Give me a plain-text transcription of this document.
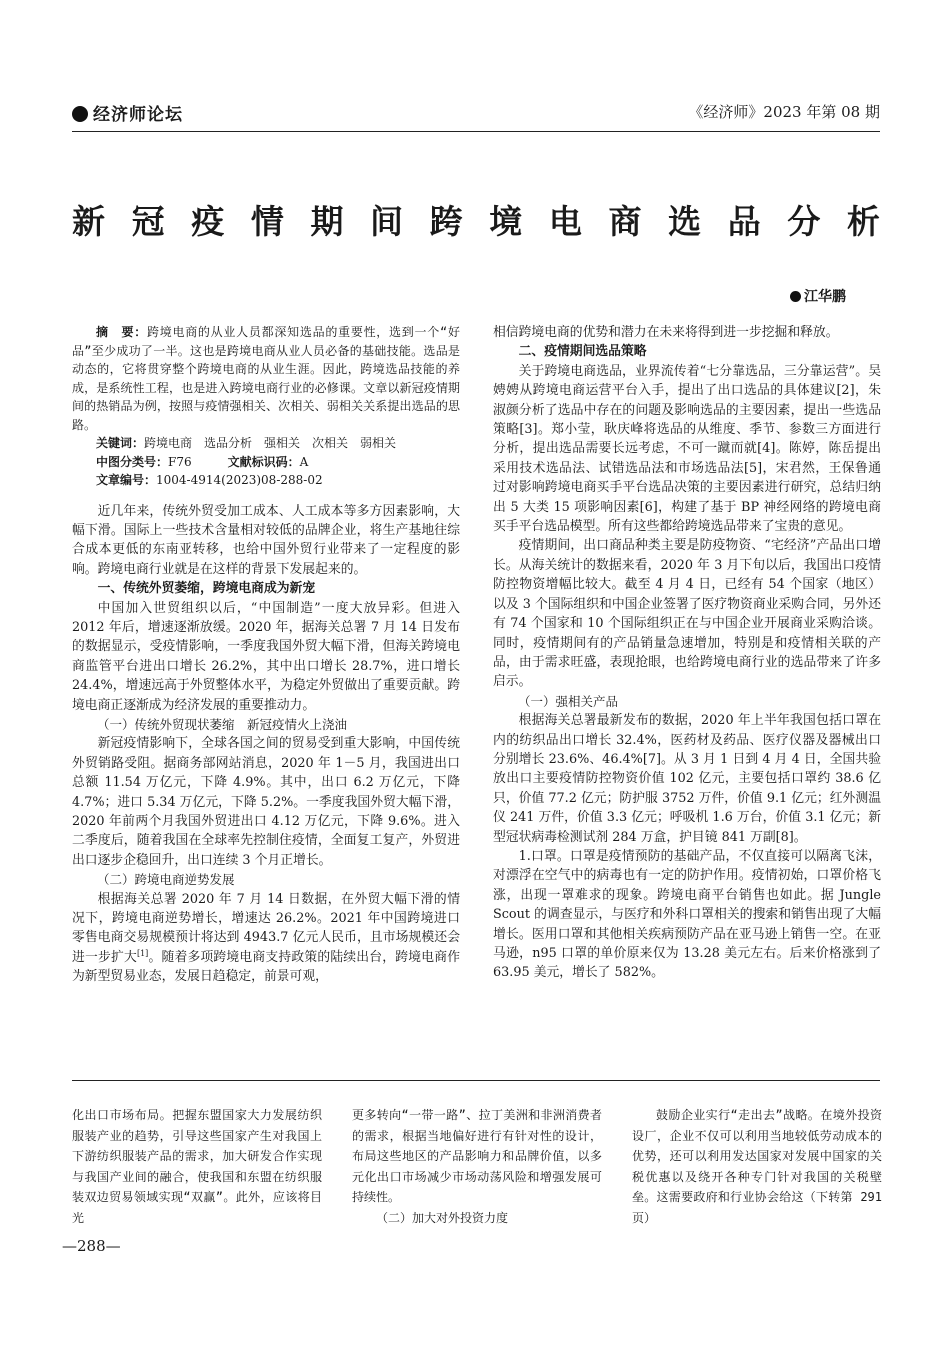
经济师论坛	《经济师》2023 年第 08 期
新 冠 疫 情 期 间 跨 境 电 商 选 品 分 析
江华鹏

摘　要：跨境电商的从业人员都深知选品的重要性，选到一个“好品”至少成功了一半。这也是跨境电商从业人员必备的基础技能。选品是动态的，它将贯穿整个跨境电商的从业生涯。因此，跨境选品技能的养成，是系统性工程，也是进入跨境电商行业的必修课。文章以新冠疫情期间的热销品为例，按照与疫情强相关、次相关、弱相关关系提出选品的思路。

关键词：跨境电商　选品分析　强相关　次相关　弱相关

中图分类号：F76　　　	文献标识码：A

文章编号：1004-4914(2023)08-288-02

近几年来，传统外贸受加工成本、人工成本等多方因素影响，大幅下滑。国际上一些技术含量相对较低的品牌企业，将生产基地往综合成本更低的东南亚转移，也给中国外贸行业带来了一定程度的影响。跨境电商行业就是在这样的背景下发展起来的。

一、传统外贸萎缩，跨境电商成为新宠

中国加入世贸组织以后，“中国制造”一度大放异彩。但进入 2012 年后，增速逐渐放缓。2020 年，据海关总署 7 月 14 日发布的数据显示，受疫情影响，一季度我国外贸大幅下滑，但海关跨境电商监管平台进出口增长 26.2%，其中出口增长 28.7%，进口增长 24.4%，增速远高于外贸整体水平，为稳定外贸做出了重要贡献。跨境电商正逐渐成为经济发展的重要推动力。

（一）传统外贸现状萎缩　新冠疫情火上浇油

新冠疫情影响下，全球各国之间的贸易受到重大影响，中国传统外贸销路受阻。据商务部网站消息，2020 年 1－5 月，我国进出口总额 11.54 万亿元，下降 4.9%。其中，出口 6.2 万亿元，下降 4.7%；进口 5.34 万亿元，下降 5.2%。一季度我国外贸大幅下滑，2020 年前两个月我国外贸进出口 4.12 万亿元，下降 9.6%。进入二季度后，随着我国在全球率先控制住疫情，全面复工复产，外贸进出口逐步企稳回升，出口连续 3 个月正增长。

（二）跨境电商逆势发展

根据海关总署 2020 年 7 月 14 日数据，在外贸大幅下滑的情况下，跨境电商逆势增长，增速达 26.2%。2021 年中国跨境进口零售电商交易规模预计将达到 4943.7 亿元人民币，且市场规模还会进一步扩大[1]。随着多项跨境电商支持政策的陆续出台，跨境电商作为新型贸易业态，发展日趋稳定，前景可观，

相信跨境电商的优势和潜力在未来将得到进一步挖掘和释放。

二、疫情期间选品策略

关于跨境电商选品，业界流传着“七分靠选品，三分靠运营”。吴娉娉从跨境电商运营平台入手，提出了出口选品的具体建议[2]，朱淑颜分析了选品中存在的问题及影响选品的主要因素，提出一些选品策略[3]。郑小莹，耿庆峰将选品的从维度、季节、参数三方面进行分析，提出选品需要长远考虑，不可一蹴而就[4]。陈婷，陈岳提出采用技术选品法、试错选品法和市场选品法[5]，宋君然，王保鲁通过对影响跨境电商买手平台选品决策的主要因素进行研究，总结归纳出 5 大类 15 项影响因素[6]，构建了基于 BP 神经网络的跨境电商买手平台选品模型。所有这些都给跨境选品带来了宝贵的意见。

疫情期间，出口商品种类主要是防疫物资、“宅经济”产品出口增长。从海关统计的数据来看，2020 年 3 月下旬以后，我国出口疫情防控物资增幅比较大。截至 4 月 4 日，已经有 54 个国家（地区）以及 3 个国际组织和中国企业签署了医疗物资商业采购合同，另外还有 74 个国家和 10 个国际组织正在与中国企业开展商业采购洽谈。同时，疫情期间有的产品销量急速增加，特别是和疫情相关联的产品，由于需求旺盛，表现抢眼，也给跨境电商行业的选品带来了许多启示。

（一）强相关产品

根据海关总署最新发布的数据，2020 年上半年我国包括口罩在内的纺织品出口增长 32.4%，医药材及药品、医疗仪器及器械出口分别增长 23.6%、46.4%[7]。从 3 月 1 日到 4 月 4 日，全国共验放出口主要疫情防控物资价值 102 亿元，主要包括口罩约 38.6 亿只，价值 77.2 亿元；防护服 3752 万件，价值 9.1 亿元；红外测温仪 241 万件，价值 3.3 亿元；呼吸机 1.6 万台，价值 3.1 亿元；新型冠状病毒检测试剂 284 万盒，护目镜 841 万副[8]。

1.口罩。口罩是疫情预防的基础产品，不仅直接可以隔离飞沫，对漂浮在空气中的病毒也有一定的防护作用。疫情初始，口罩价格飞涨，出现一罩难求的现象。跨境电商平台销售也如此。据 Jungle Scout 的调查显示，与医疗和外科口罩相关的搜索和销售出现了大幅增长。医用口罩和其他相关疾病预防产品在亚马逊上销售一空。在亚马逊，n95 口罩的单价原来仅为 13.28 美元左右。后来价格涨到了 63.95 美元，增长了 582%。

化出口市场布局。把握东盟国家大力发展纺织服装产业的趋势，引导这些国家产生对我国上下游纺织服装产品的需求，加大研发合作实现与我国产业间的融合，使我国和东盟在纺织服装双边贸易领域实现“双赢”。此外，应该将目光

更多转向“一带一路”、拉丁美洲和非洲消费者的需求，根据当地偏好进行有针对性的设计，布局这些地区的产品影响力和品牌价值，以多元化出口市场减少市场动荡风险和增强发展可持续性。

（二）加大对外投资力度

鼓励企业实行“走出去”战略。在境外投资设厂，企业不仅可以利用当地较低劳动成本的优势，还可以利用发达国家对发展中国家的关税优惠以及绕开各种专门针对我国的关税壁垒。这需要政府和行业协会给这（下转第 291 页）

—288—
